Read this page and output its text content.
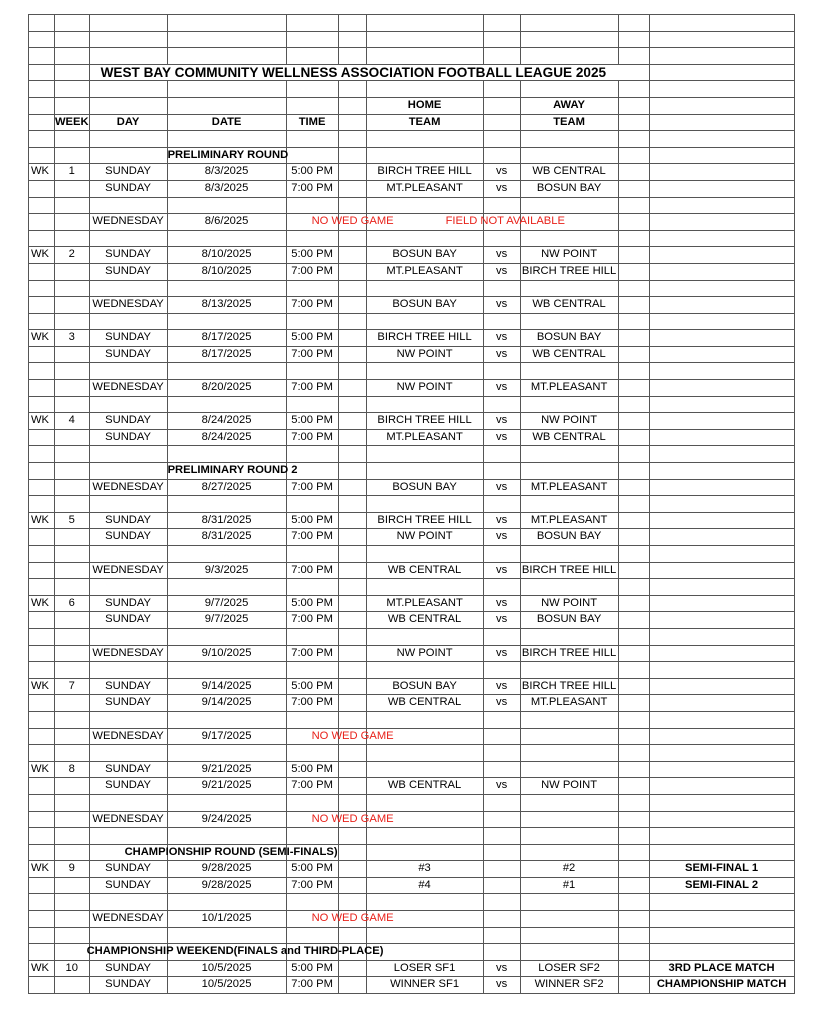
		WEST BAY COMMUNITY WELLNESS ASSOCIATION FOOTBALL LEAGUE 2025								

						HOME		AWAY		
	WEEK	DAY	DATE	TIME		TEAM		TEAM		

			PRELIMINARY ROUND							

WK	1	SUNDAY	8/3/2025	5:00 PM		BIRCH TREE HILL	vs	WB CENTRAL		
		SUNDAY	8/3/2025	7:00 PM		MT.PLEASANT	vs	BOSUN BAY		

		WEDNESDAY	8/6/2025	NO WED GAME		FIELD NOT AVAILABLE				

WK	2	SUNDAY	8/10/2025	5:00 PM		BOSUN BAY	vs	NW POINT		
		SUNDAY	8/10/2025	7:00 PM		MT.PLEASANT	vs	BIRCH TREE HILL		

		WEDNESDAY	8/13/2025	7:00 PM		BOSUN BAY	vs	WB CENTRAL		

WK	3	SUNDAY	8/17/2025	5:00 PM		BIRCH TREE HILL	vs	BOSUN BAY		
		SUNDAY	8/17/2025	7:00 PM		NW POINT	vs	WB CENTRAL		

		WEDNESDAY	8/20/2025	7:00 PM		NW POINT	vs	MT.PLEASANT		

WK	4	SUNDAY	8/24/2025	5:00 PM		BIRCH TREE HILL	vs	NW POINT		
		SUNDAY	8/24/2025	7:00 PM		MT.PLEASANT	vs	WB CENTRAL		

			PRELIMINARY ROUND 2							

		WEDNESDAY	8/27/2025	7:00 PM		BOSUN BAY	vs	MT.PLEASANT		

WK	5	SUNDAY	8/31/2025	5:00 PM		BIRCH TREE HILL	vs	MT.PLEASANT		
		SUNDAY	8/31/2025	7:00 PM		NW POINT	vs	BOSUN BAY		

		WEDNESDAY	9/3/2025	7:00 PM		WB CENTRAL	vs	BIRCH TREE HILL		

WK	6	SUNDAY	9/7/2025	5:00 PM		MT.PLEASANT	vs	NW POINT		
		SUNDAY	9/7/2025	7:00 PM		WB CENTRAL	vs	BOSUN BAY		

		WEDNESDAY	9/10/2025	7:00 PM		NW POINT	vs	BIRCH TREE HILL		

WK	7	SUNDAY	9/14/2025	5:00 PM		BOSUN BAY	vs	BIRCH TREE HILL		
		SUNDAY	9/14/2025	7:00 PM		WB CENTRAL	vs	MT.PLEASANT		

		WEDNESDAY	9/17/2025	NO WED GAME						

WK	8	SUNDAY	9/21/2025	5:00 PM						
		SUNDAY	9/21/2025	7:00 PM		WB CENTRAL	vs	NW POINT		

		WEDNESDAY	9/24/2025	NO WED GAME						

		CHAMPIONSHIP ROUND (SEMI-FINALS)								

WK	9	SUNDAY	9/28/2025	5:00 PM		#3		#2		SEMI-FINAL 1
		SUNDAY	9/28/2025	7:00 PM		#4		#1		SEMI-FINAL 2

		WEDNESDAY	10/1/2025	NO WED GAME						

		CHAMPIONSHIP WEEKEND(FINALS and THIRD-PLACE)								

WK	10	SUNDAY	10/5/2025	5:00 PM		LOSER SF1	vs	LOSER SF2		3RD PLACE MATCH
		SUNDAY	10/5/2025	7:00 PM		WINNER SF1	vs	WINNER SF2		CHAMPIONSHIP MATCH
